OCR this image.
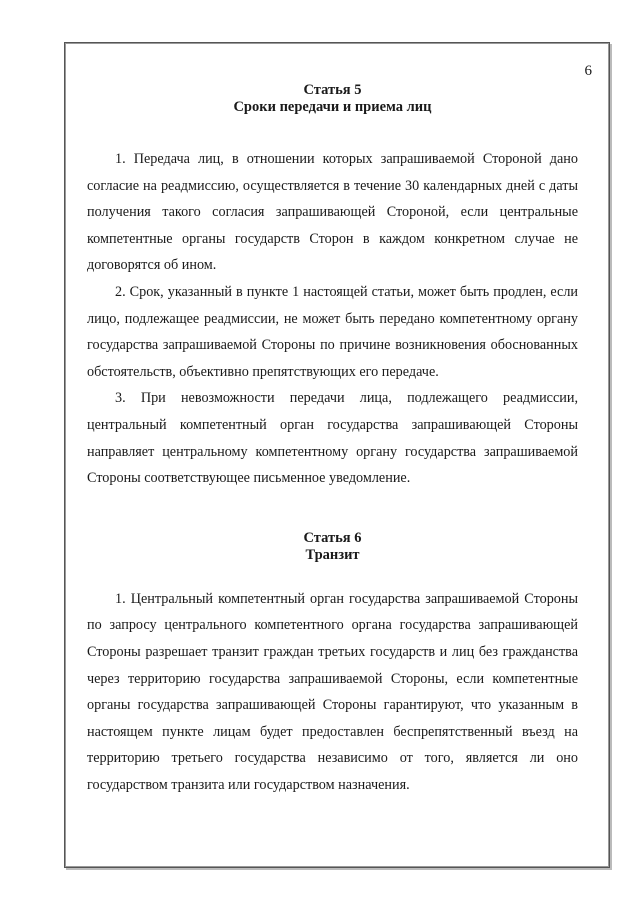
6

Статья 5

Сроки передачи и приема лиц

1. Передача лиц, в отношении которых запрашиваемой Стороной дано согласие на реадмиссию, осуществляется в течение 30 календарных дней с даты получения такого согласия запрашивающей Стороной, если центральные компетентные органы государств Сторон в каждом конкретном случае не договорятся об ином.

2. Срок, указанный в пункте 1 настоящей статьи, может быть продлен, если лицо, подлежащее реадмиссии, не может быть передано компетентному органу государства запрашиваемой Стороны по причине возникновения обоснованных обстоятельств, объективно препятствующих его передаче.

3. При невозможности передачи лица, подлежащего реадмиссии, центральный компетентный орган государства запрашивающей Стороны направляет центральному компетентному органу государства запрашиваемой Стороны соответствующее письменное уведомление.

Статья 6

Транзит

1. Центральный компетентный орган государства запрашиваемой Стороны по запросу центрального компетентного органа государства запрашивающей Стороны разрешает транзит граждан третьих государств и лиц без гражданства через территорию государства запрашиваемой Стороны, если компетентные органы государства запрашивающей Стороны гарантируют, что указанным в настоящем пункте лицам будет предоставлен беспрепятственный въезд на территорию третьего государства независимо от того, является ли оно государством транзита или государством назначения.
